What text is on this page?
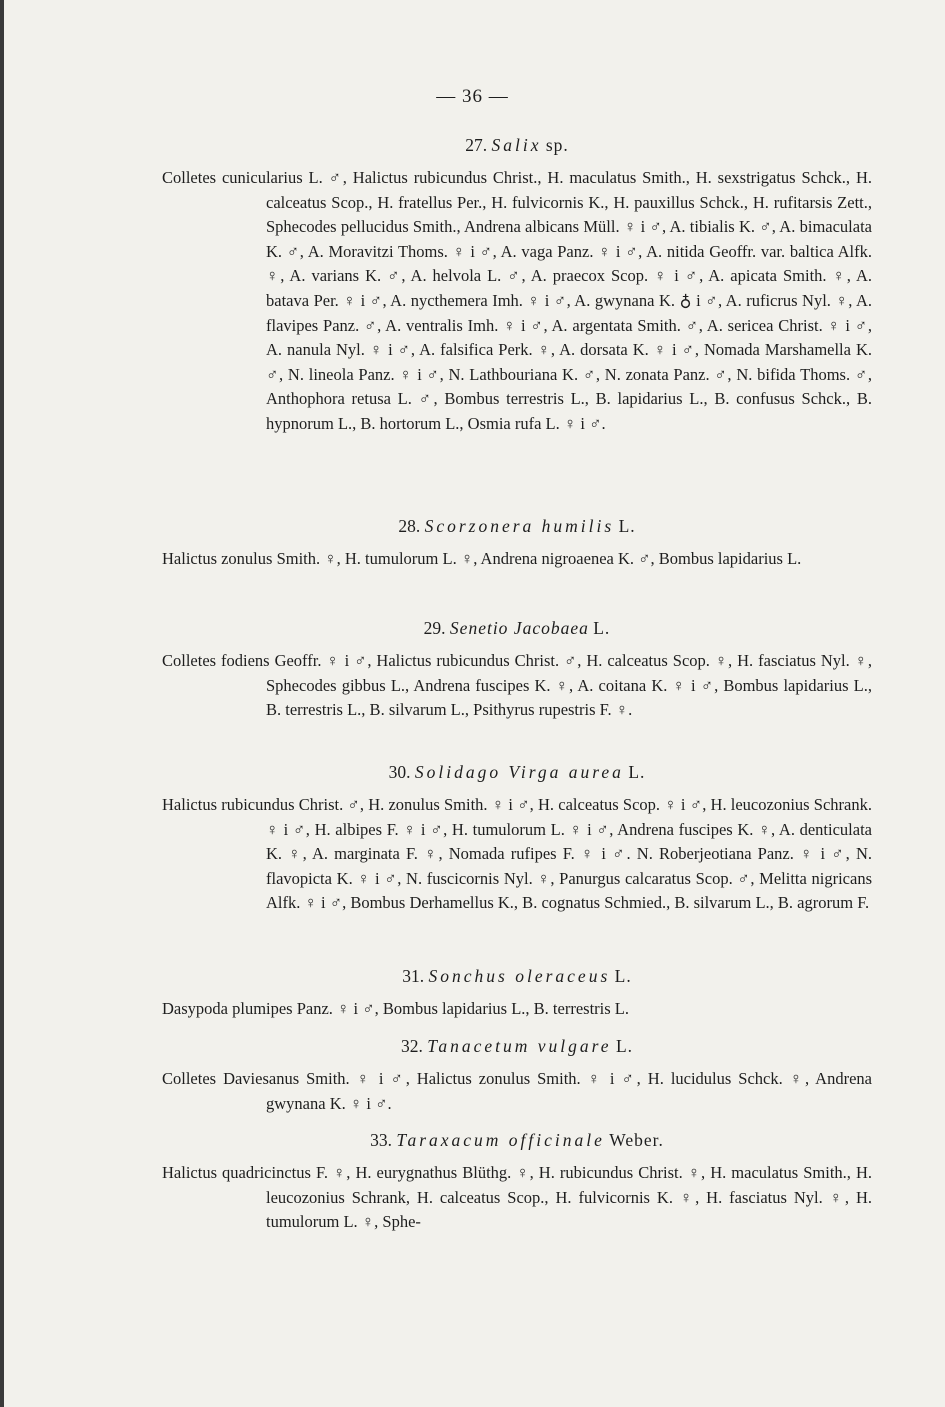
— 36 —
27. Salix sp.

Colletes cunicularius L. ♂, Halictus rubicundus Christ., H. maculatus Smith., H. sexstrigatus Schck., H. calceatus Scop., H. fratellus Per., H. fulvicornis K., H. pauxillus Schck., H. rufitarsis Zett., Sphecodes pellucidus Smith., Andrena albicans Müll. ♀ i ♂, A. tibialis K. ♂, A. bimaculata K. ♂, A. Moravitzi Thoms. ♀ i ♂, A. vaga Panz. ♀ i ♂, A. nitida Geoffr. var. baltica Alfk. ♀, A. varians K. ♂, A. helvola L. ♂, A. praecox Scop. ♀ i ♂, A. apicata Smith. ♀, A. batava Per. ♀ i ♂, A. nycthemera Imh. ♀ i ♂, A. gwynana K. ♁ i ♂, A. ruficrus Nyl. ♀, A. flavipes Panz. ♂, A. ventralis Imh. ♀ i ♂, A. argentata Smith. ♂, A. sericea Christ. ♀ i ♂, A. nanula Nyl. ♀ i ♂, A. falsifica Perk. ♀, A. dorsata K. ♀ i ♂, Nomada Marshamella K. ♂, N. lineola Panz. ♀ i ♂, N. Lathbouriana K. ♂, N. zonata Panz. ♂, N. bifida Thoms. ♂, Anthophora retusa L. ♂, Bombus terrestris L., B. lapidarius L., B. confusus Schck., B. hypnorum L., B. hortorum L., Osmia rufa L. ♀ i ♂.

28. Scorzonera humilis L.

Halictus zonulus Smith. ♀, H. tumulorum L. ♀, Andrena nigroaenea K. ♂, Bombus lapidarius L.

29. Senetio Jacobaea L.

Colletes fodiens Geoffr. ♀ i ♂, Halictus rubicundus Christ. ♂, H. calceatus Scop. ♀, H. fasciatus Nyl. ♀, Sphecodes gibbus L., Andrena fuscipes K. ♀, A. coitana K. ♀ i ♂, Bombus lapidarius L., B. terrestris L., B. silvarum L., Psithyrus rupestris F. ♀.

30. Solidago Virga aurea L.

Halictus rubicundus Christ. ♂, H. zonulus Smith. ♀ i ♂, H. calceatus Scop. ♀ i ♂, H. leucozonius Schrank. ♀ i ♂, H. albipes F. ♀ i ♂, H. tumulorum L. ♀ i ♂, Andrena fuscipes K. ♀, A. denticulata K. ♀, A. marginata F. ♀, Nomada rufipes F. ♀ i ♂. N. Roberjeotiana Panz. ♀ i ♂, N. flavopicta K. ♀ i ♂, N. fuscicornis Nyl. ♀, Panurgus calcaratus Scop. ♂, Melitta nigricans Alfk. ♀ i ♂, Bombus Derhamellus K., B. cognatus Schmied., B. silvarum L., B. agrorum F.

31. Sonchus oleraceus L.

Dasypoda plumipes Panz. ♀ i ♂, Bombus lapidarius L., B. terrestris L.

32. Tanacetum vulgare L.

Colletes Daviesanus Smith. ♀ i ♂, Halictus zonulus Smith. ♀ i ♂, H. lucidulus Schck. ♀, Andrena gwynana K. ♀ i ♂.

33. Taraxacum officinale Weber.

Halictus quadricinctus F. ♀, H. eurygnathus Blüthg. ♀, H. rubicundus Christ. ♀, H. maculatus Smith., H. leucozonius Schrank, H. calceatus Scop., H. fulvicornis K. ♀, H. fasciatus Nyl. ♀, H. tumulorum L. ♀, Sphe-
